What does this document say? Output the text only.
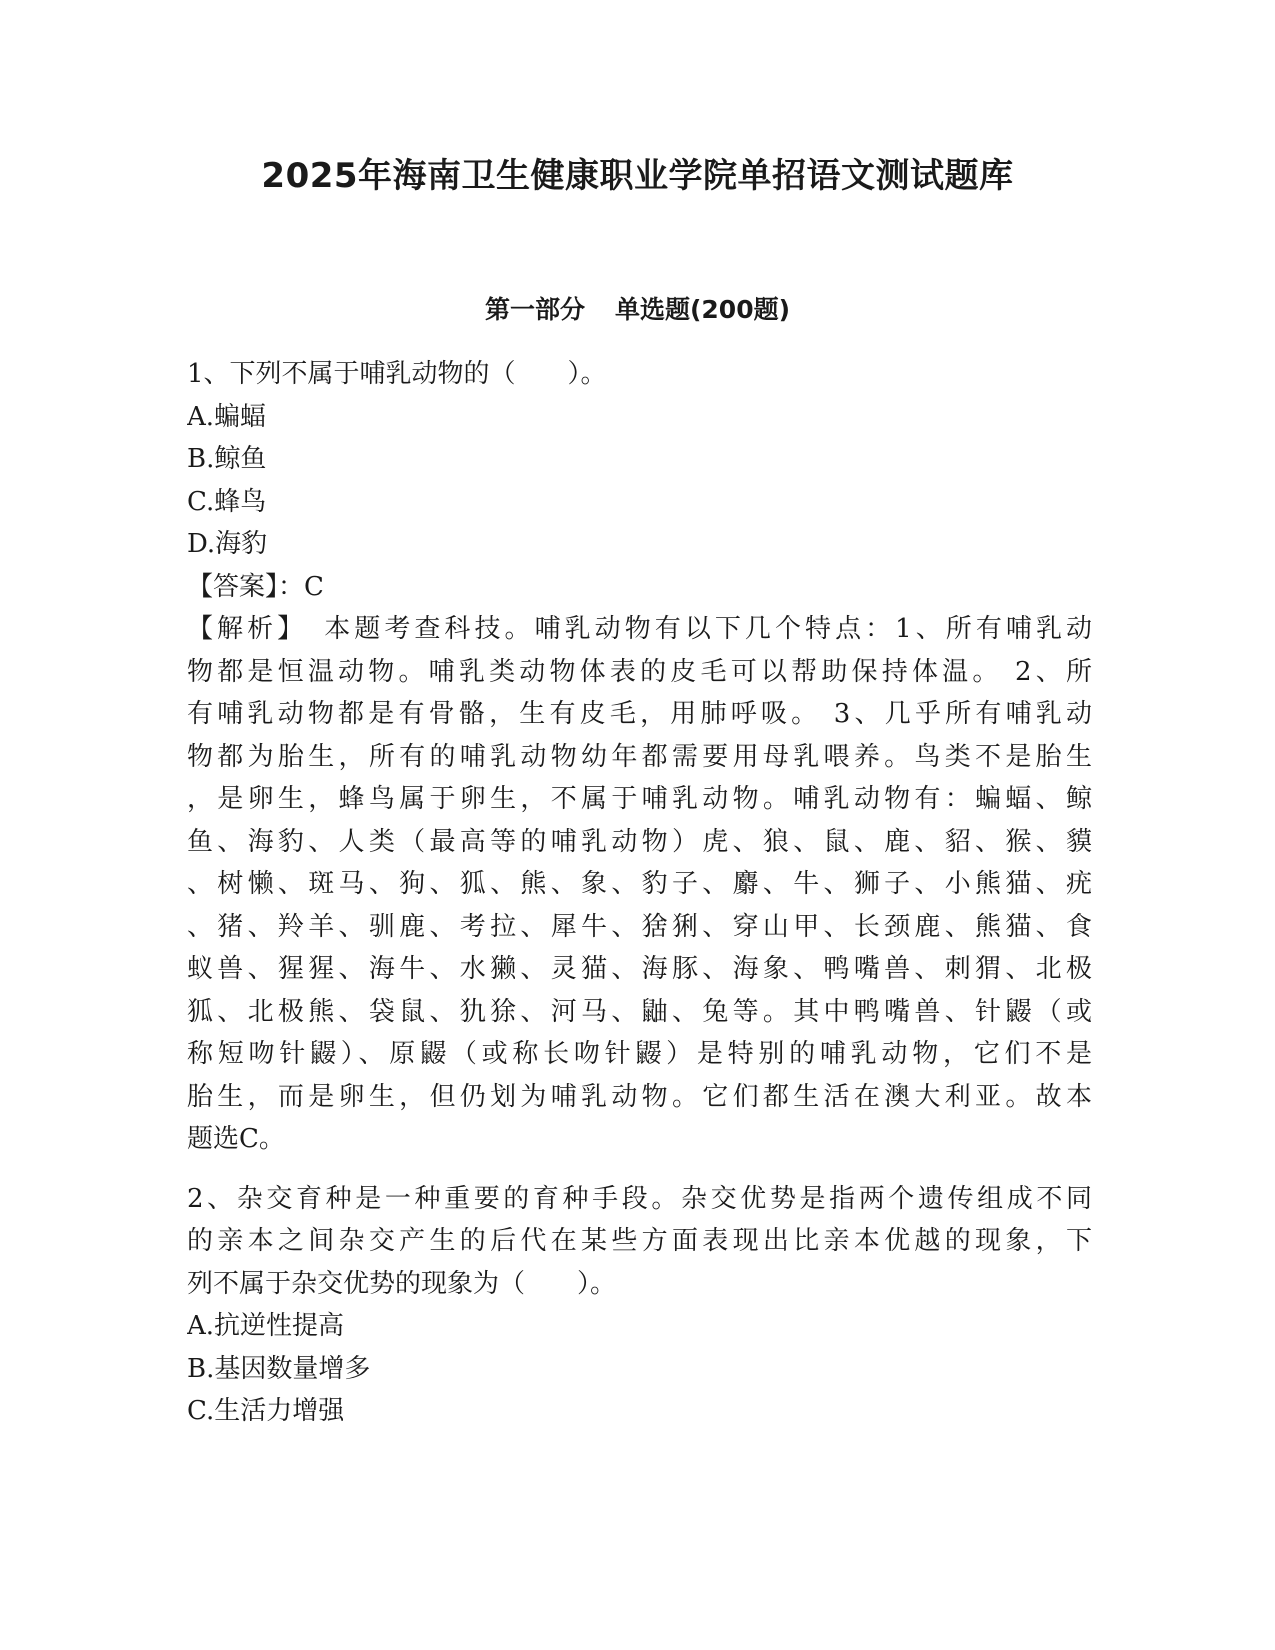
2025年海南卫生健康职业学院单招语文测试题库
第一部分 单选题(200题)
1、下列不属于哺乳动物的（　　）。
A.蝙蝠
B.鲸鱼
C.蜂鸟
D.海豹
【答案】：C
【解析】　本题考查科技。哺乳动物有以下几个特点：1、所有哺乳动
物都是恒温动物。哺乳类动物体表的皮毛可以帮助保持体温。 2、所
有哺乳动物都是有骨骼，生有皮毛，用肺呼吸。 3、几乎所有哺乳动
物都为胎生，所有的哺乳动物幼年都需要用母乳喂养。鸟类不是胎生
，是卵生，蜂鸟属于卵生，不属于哺乳动物。哺乳动物有：蝙蝠、鲸
鱼、海豹、人类（最高等的哺乳动物）虎、狼、鼠、鹿、貂、猴、貘
、树懒、斑马、狗、狐、熊、象、豹子、麝、牛、狮子、小熊猫、疣
、猪、羚羊、驯鹿、考拉、犀牛、猞猁、穿山甲、长颈鹿、熊猫、食
蚁兽、猩猩、海牛、水獭、灵猫、海豚、海象、鸭嘴兽、刺猬、北极
狐、北极熊、袋鼠、犰狳、河马、鼬、兔等。其中鸭嘴兽、针鼹（或
称短吻针鼹）、原鼹（或称长吻针鼹）是特别的哺乳动物，它们不是
胎生，而是卵生，但仍划为哺乳动物。它们都生活在澳大利亚。故本
题选C。
2、杂交育种是一种重要的育种手段。杂交优势是指两个遗传组成不同
的亲本之间杂交产生的后代在某些方面表现出比亲本优越的现象，下
列不属于杂交优势的现象为（　　）。
A.抗逆性提高
B.基因数量增多
C.生活力增强
